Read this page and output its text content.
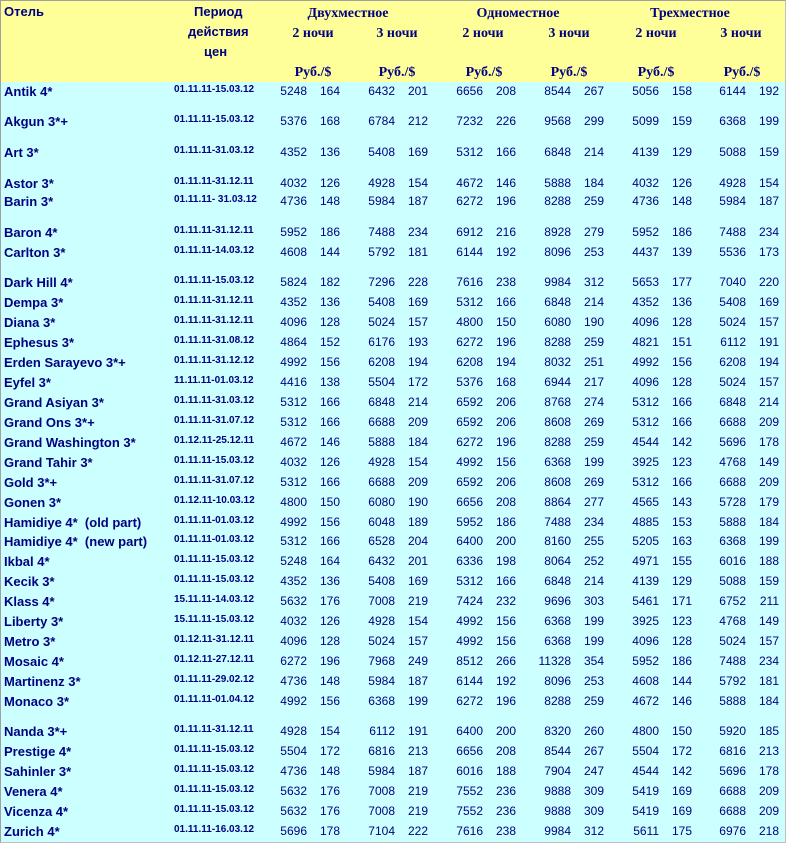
Отель	Период
действия
цен
Двухместное	Одноместное	Трехместное
2 ночи	3 ночи	2 ночи	3 ночи	2 ночи	3 ночи
Руб./$	Руб./$	Руб./$	Руб./$	Руб./$	Руб./$
Antik 4*	01.11.11-15.03.12	5248	164	6432	201	6656	208	8544	267	5056	158	6144	192
Akgun 3*+	01.11.11-15.03.12	5376	168	6784	212	7232	226	9568	299	5099	159	6368	199
Art 3*	01.11.11-31.03.12	4352	136	5408	169	5312	166	6848	214	4139	129	5088	159
Astor 3*	01.11.11-31.12.11	4032	126	4928	154	4672	146	5888	184	4032	126	4928	154
Barin 3*	01.11.11- 31.03.12	4736	148	5984	187	6272	196	8288	259	4736	148	5984	187
Baron 4*	01.11.11-31.12.11	5952	186	7488	234	6912	216	8928	279	5952	186	7488	234
Carlton 3*	01.11.11-14.03.12	4608	144	5792	181	6144	192	8096	253	4437	139	5536	173
Dark Hill 4*	01.11.11-15.03.12	5824	182	7296	228	7616	238	9984	312	5653	177	7040	220
Dempa 3*	01.11.11-31.12.11	4352	136	5408	169	5312	166	6848	214	4352	136	5408	169
Diana 3*	01.11.11-31.12.11	4096	128	5024	157	4800	150	6080	190	4096	128	5024	157
Ephesus 3*	01.11.11-31.08.12	4864	152	6176	193	6272	196	8288	259	4821	151	6112	191
Erden Sarayevo 3*+	01.11.11-31.12.12	4992	156	6208	194	6208	194	8032	251	4992	156	6208	194
Eyfel 3*	11.11.11-01.03.12	4416	138	5504	172	5376	168	6944	217	4096	128	5024	157
Grand Asiyan 3*	01.11.11-31.03.12	5312	166	6848	214	6592	206	8768	274	5312	166	6848	214
Grand Ons 3*+	01.11.11-31.07.12	5312	166	6688	209	6592	206	8608	269	5312	166	6688	209
Grand Washington 3*	01.12.11-25.12.11	4672	146	5888	184	6272	196	8288	259	4544	142	5696	178
Grand Tahir 3*	01.11.11-15.03.12	4032	126	4928	154	4992	156	6368	199	3925	123	4768	149
Gold 3*+	01.11.11-31.07.12	5312	166	6688	209	6592	206	8608	269	5312	166	6688	209
Gonen 3*	01.12.11-10.03.12	4800	150	6080	190	6656	208	8864	277	4565	143	5728	179
Hamidiye 4*  (old part)	01.11.11-01.03.12	4992	156	6048	189	5952	186	7488	234	4885	153	5888	184
Hamidiye 4*  (new part)	01.11.11-01.03.12	5312	166	6528	204	6400	200	8160	255	5205	163	6368	199
Ikbal 4*	01.11.11-15.03.12	5248	164	6432	201	6336	198	8064	252	4971	155	6016	188
Kecik 3*	01.11.11-15.03.12	4352	136	5408	169	5312	166	6848	214	4139	129	5088	159
Klass 4*	15.11.11-14.03.12	5632	176	7008	219	7424	232	9696	303	5461	171	6752	211
Liberty 3*	15.11.11-15.03.12	4032	126	4928	154	4992	156	6368	199	3925	123	4768	149
Metro 3*	01.12.11-31.12.11	4096	128	5024	157	4992	156	6368	199	4096	128	5024	157
Mosaic 4*	01.12.11-27.12.11	6272	196	7968	249	8512	266	11328	354	5952	186	7488	234
Martinenz 3*	01.11.11-29.02.12	4736	148	5984	187	6144	192	8096	253	4608	144	5792	181
Monaco 3*	01.11.11-01.04.12	4992	156	6368	199	6272	196	8288	259	4672	146	5888	184
Nanda 3*+	01.11.11-31.12.11	4928	154	6112	191	6400	200	8320	260	4800	150	5920	185
Prestige 4*	01.11.11-15.03.12	5504	172	6816	213	6656	208	8544	267	5504	172	6816	213
Sahinler 3*	01.11.11-15.03.12	4736	148	5984	187	6016	188	7904	247	4544	142	5696	178
Venera 4*	01.11.11-15.03.12	5632	176	7008	219	7552	236	9888	309	5419	169	6688	209
Vicenza 4*	01.11.11-15.03.12	5632	176	7008	219	7552	236	9888	309	5419	169	6688	209
Zurich 4*	01.11.11-16.03.12	5696	178	7104	222	7616	238	9984	312	5611	175	6976	218
